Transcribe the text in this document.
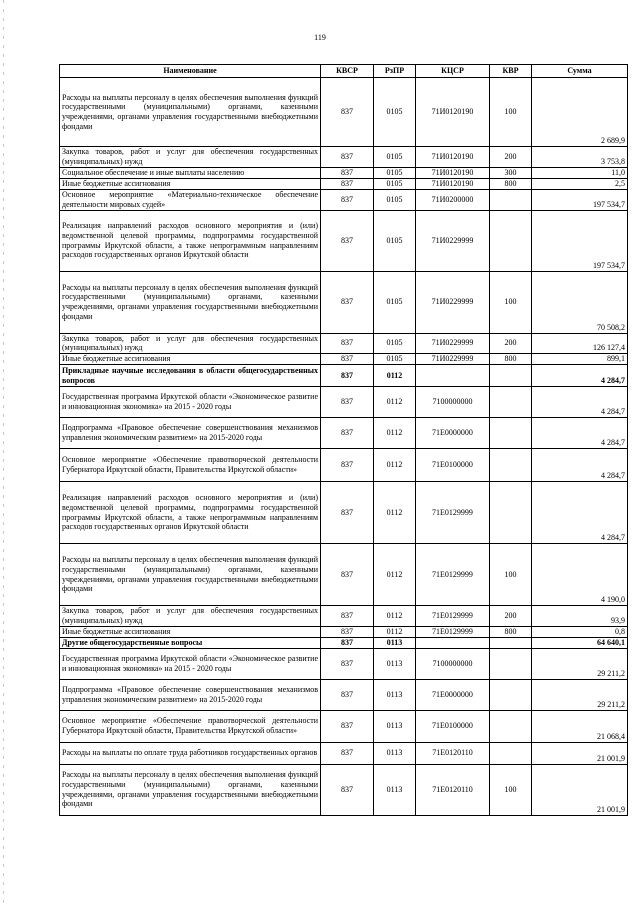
119
Наименование	КВСР	РзПР	КЦСР	КВР	Сумма
Расходы на выплаты персоналу в целях обеспечения выполнения функций государственными (муниципальными) органами, казенными учреждениями, органами управления государственными внебюджетными фондами	837	0105	71И0120190	100	2 689,9
Закупка товаров, работ и услуг для обеспечения государственных (муниципальных) нужд	837	0105	71И0120190	200	3 753,8
Социальное обеспечение и иные выплаты населению	837	0105	71И0120190	300	11,0
Иные бюджетные ассигнования	837	0105	71И0120190	800	2,5
Основное мероприятие «Материально-техническое обеспечение деятельности мировых судей»	837	0105	71И0200000		197 534,7
Реализация направлений расходов основного мероприятия и (или) ведомственной целевой программы, подпрограммы государственной программы Иркутской области, а также непрограммным направлениям расходов государственных органов Иркутской области	837	0105	71И0229999		197 534,7
Расходы на выплаты персоналу в целях обеспечения выполнения функций государственными (муниципальными) органами, казенными учреждениями, органами управления государственными внебюджетными фондами	837	0105	71И0229999	100	70 508,2
Закупка товаров, работ и услуг для обеспечения государственных (муниципальных) нужд	837	0105	71И0229999	200	126 127,4
Иные бюджетные ассигнования	837	0105	71И0229999	800	899,1
Прикладные научные исследования в области общегосударственных вопросов	837	0112			4 284,7
Государственная программа Иркутской области «Экономическое развитие и инновационная экономика» на 2015 - 2020 годы	837	0112	7100000000		4 284,7
Подпрограмма «Правовое обеспечение совершенствования механизмов управления экономическим развитием» на 2015-2020 годы	837	0112	71Е0000000		4 284,7
Основное мероприятие «Обеспечение правотворческой деятельности Губернатора Иркутской области, Правительства Иркутской области»	837	0112	71Е0100000		4 284,7
Реализация направлений расходов основного мероприятия и (или) ведомственной целевой программы, подпрограммы государственной программы Иркутской области, а также непрограммным направлениям расходов государственных органов Иркутской области	837	0112	71Е0129999		4 284,7
Расходы на выплаты персоналу в целях обеспечения выполнения функций государственными (муниципальными) органами, казенными учреждениями, органами управления государственными внебюджетными фондами	837	0112	71Е0129999	100	4 190,0
Закупка товаров, работ и услуг для обеспечения государственных (муниципальных) нужд	837	0112	71Е0129999	200	93,9
Иные бюджетные ассигнования	837	0112	71Е0129999	800	0,8
Другие общегосударственные вопросы	837	0113			64 640,1
Государственная программа Иркутской области «Экономическое развитие и инновационная экономика» на 2015 - 2020 годы	837	0113	7100000000		29 211,2
Подпрограмма «Правовое обеспечение совершенствования механизмов управления экономическим развитием» на 2015-2020 годы	837	0113	71Е0000000		29 211,2
Основное мероприятие «Обеспечение правотворческой деятельности Губернатора Иркутской области, Правительства Иркутской области»	837	0113	71Е0100000		21 068,4
Расходы на выплаты по оплате труда работников государственных органов	837	0113	71Е0120110		21 001,9
Расходы на выплаты персоналу в целях обеспечения выполнения функций государственными (муниципальными) органами, казенными учреждениями, органами управления государственными внебюджетными фондами	837	0113	71Е0120110	100	21 001,9
